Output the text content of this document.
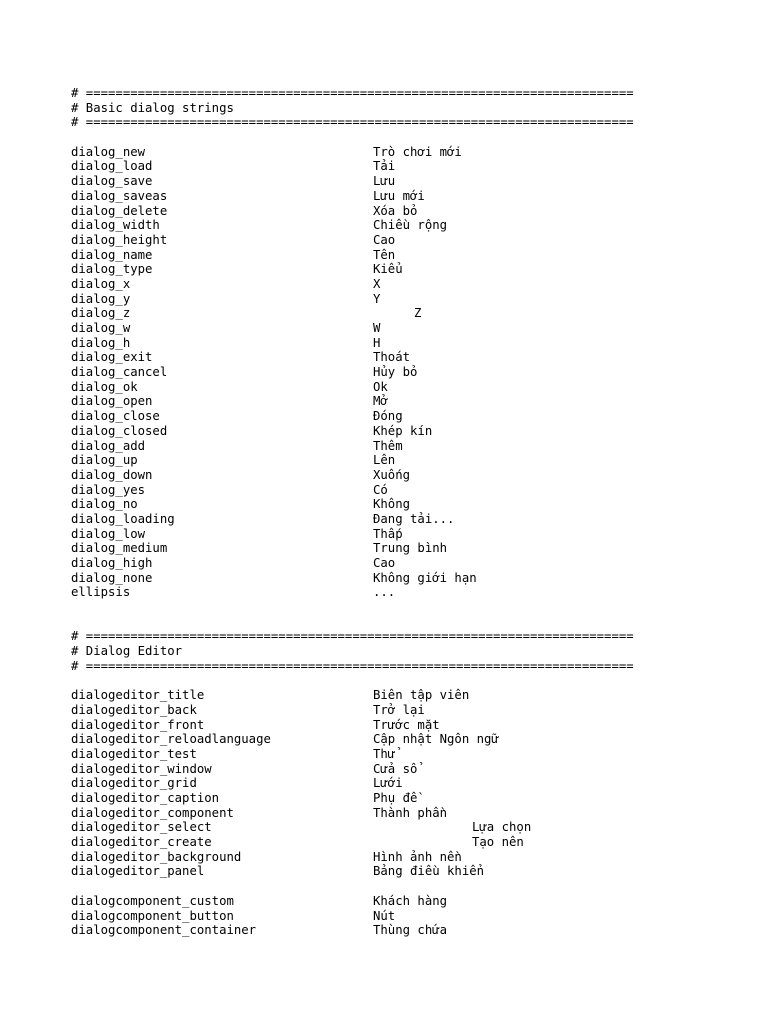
# ==========================================================================
# Basic dialog strings
# ==========================================================================
dialog_new	Trò chơi mới
dialog_load	Tải
dialog_save	Lưu
dialog_saveas	Lưu mới
dialog_delete	Xóa bỏ
dialog_width	Chiều rộng
dialog_height	Cao
dialog_name	Tên
dialog_type	Kiểu
dialog_x	X
dialog_y	Y
dialog_z	Z
dialog_w	W
dialog_h	H
dialog_exit	Thoát
dialog_cancel	Hủy bỏ
dialog_ok	Ok
dialog_open	Mở
dialog_close	Đóng
dialog_closed	Khép kín
dialog_add	Thêm
dialog_up	Lên
dialog_down	Xuống
dialog_yes	Có
dialog_no	Không
dialog_loading	Đang tải...
dialog_low	Thấp
dialog_medium	Trung bình
dialog_high	Cao
dialog_none	Không giới hạn
ellipsis	...
# ==========================================================================
# Dialog Editor
# ==========================================================================
dialogeditor_title	Biên tập viên
dialogeditor_back	Trở lại
dialogeditor_front	Trước mặt
dialogeditor_reloadlanguage	Cập nhật Ngôn ngữ
dialogeditor_test	Thử
dialogeditor_window	Cửa sổ
dialogeditor_grid	Lưới
dialogeditor_caption	Phụ đề
dialogeditor_component	Thành phần
dialogeditor_select	Lựa chọn
dialogeditor_create	Tạo nên
dialogeditor_background	Hình ảnh nền
dialogeditor_panel	Bảng điều khiển
dialogcomponent_custom	Khách hàng
dialogcomponent_button	Nút
dialogcomponent_container	Thùng chứa
